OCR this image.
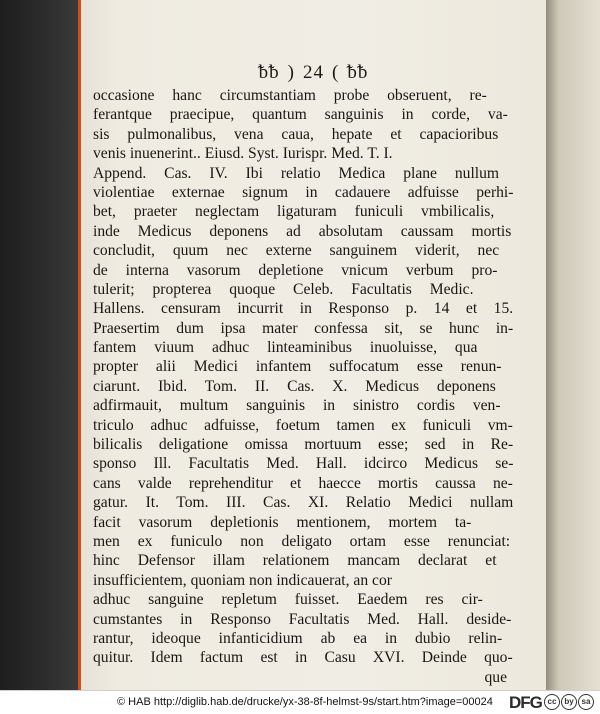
ᵬᵬ ) 24 ( ᵬᵬ
occasione hanc circumstantiam probe obseruent, re-
ferantque praecipue, quantum sanguinis in corde, va-
sis pulmonalibus, vena caua, hepate et capacioribus
venis inuenerint.. Eiusd. Syst. Iurispr. Med. T. I.
Append. Cas. IV. Ibi relatio Medica plane nullum
violentiae externae signum in cadauere adfuisse perhi-
bet, praeter neglectam ligaturam funiculi vmbilicalis,
inde Medicus deponens ad absolutam caussam mortis
concludit, quum nec externe sanguinem viderit, nec
de interna vasorum depletione vnicum verbum pro-
tulerit; propterea quoque Celeb. Facultatis Medic.
Hallens. censuram incurrit in Responso p. 14 et 15.
Praesertim dum ipsa mater confessa sit, se hunc in-
fantem viuum adhuc linteaminibus inuoluisse, qua
propter alii Medici infantem suffocatum esse renun-
ciarunt. Ibid. Tom. II. Cas. X. Medicus deponens
adfirmauit, multum sanguinis in sinistro cordis ven-
triculo adhuc adfuisse, foetum tamen ex funiculi vm-
bilicalis deligatione omissa mortuum esse; sed in Re-
sponso Ill. Facultatis Med. Hall. idcirco Medicus se-
cans valde reprehenditur et haecce mortis caussa ne-
gatur. It. Tom. III. Cas. XI. Relatio Medici nullam
facit vasorum depletionis mentionem, mortem ta-
men ex funiculo non deligato ortam esse renunciat:
hinc Defensor illam relationem mancam declarat et
insufficientem, quoniam non indicauerat, an cor
adhuc sanguine repletum fuisset. Eaedem res cir-
cumstantes in Responso Facultatis Med. Hall. deside-
rantur, ideoque infanticidium ab ea in dubio relin-
quitur. Idem factum est in Casu XVI. Deinde quo-
que
© HAB http://diglib.hab.de/drucke/yx-38-8f-helmst-9s/start.htm?image=00024 DFG cc by sa
